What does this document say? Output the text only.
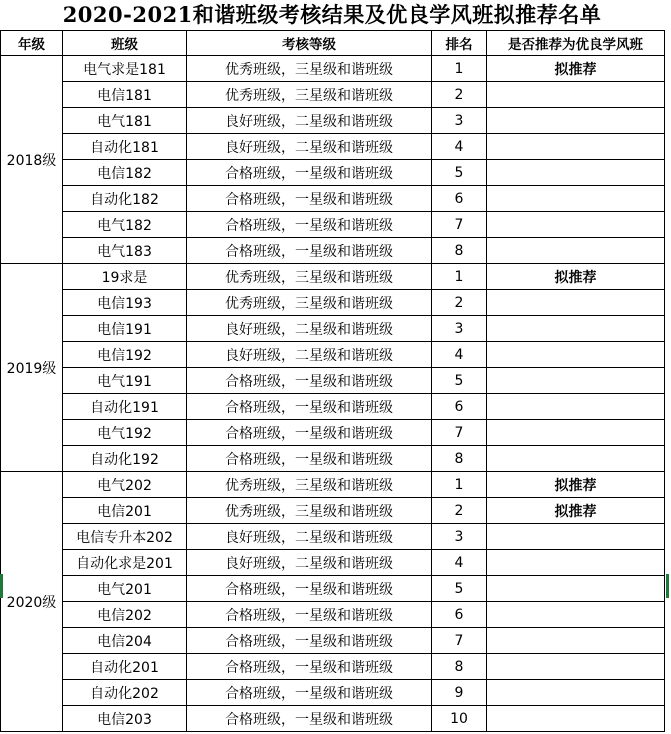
2020-2021和谐班级考核结果及优良学风班拟推荐名单
年级	班级	考核等级	排名	是否推荐为优良学风班
2018级	电气求是181	优秀班级，三星级和谐班级	1	拟推荐
	电信181	优秀班级，三星级和谐班级	2	
	电气181	良好班级，二星级和谐班级	3	
	自动化181	良好班级，二星级和谐班级	4	
	电信182	合格班级，一星级和谐班级	5	
	自动化182	合格班级，一星级和谐班级	6	
	电气182	合格班级，一星级和谐班级	7	
	电气183	合格班级，一星级和谐班级	8	
2019级	19求是	优秀班级，三星级和谐班级	1	拟推荐
	电信193	优秀班级，三星级和谐班级	2	
	电信191	良好班级，二星级和谐班级	3	
	电信192	良好班级，二星级和谐班级	4	
	电气191	合格班级，一星级和谐班级	5	
	自动化191	合格班级，一星级和谐班级	6	
	电气192	合格班级，一星级和谐班级	7	
	自动化192	合格班级，一星级和谐班级	8	
2020级	电气202	优秀班级，三星级和谐班级	1	拟推荐
	电信201	优秀班级，三星级和谐班级	2	拟推荐
	电信专升本202	良好班级，二星级和谐班级	3	
	自动化求是201	良好班级，二星级和谐班级	4	
	电气201	合格班级，一星级和谐班级	5	
	电信202	合格班级，一星级和谐班级	6	
	电信204	合格班级，一星级和谐班级	7	
	自动化201	合格班级，一星级和谐班级	8	
	自动化202	合格班级，一星级和谐班级	9	
	电信203	合格班级，一星级和谐班级	10	
